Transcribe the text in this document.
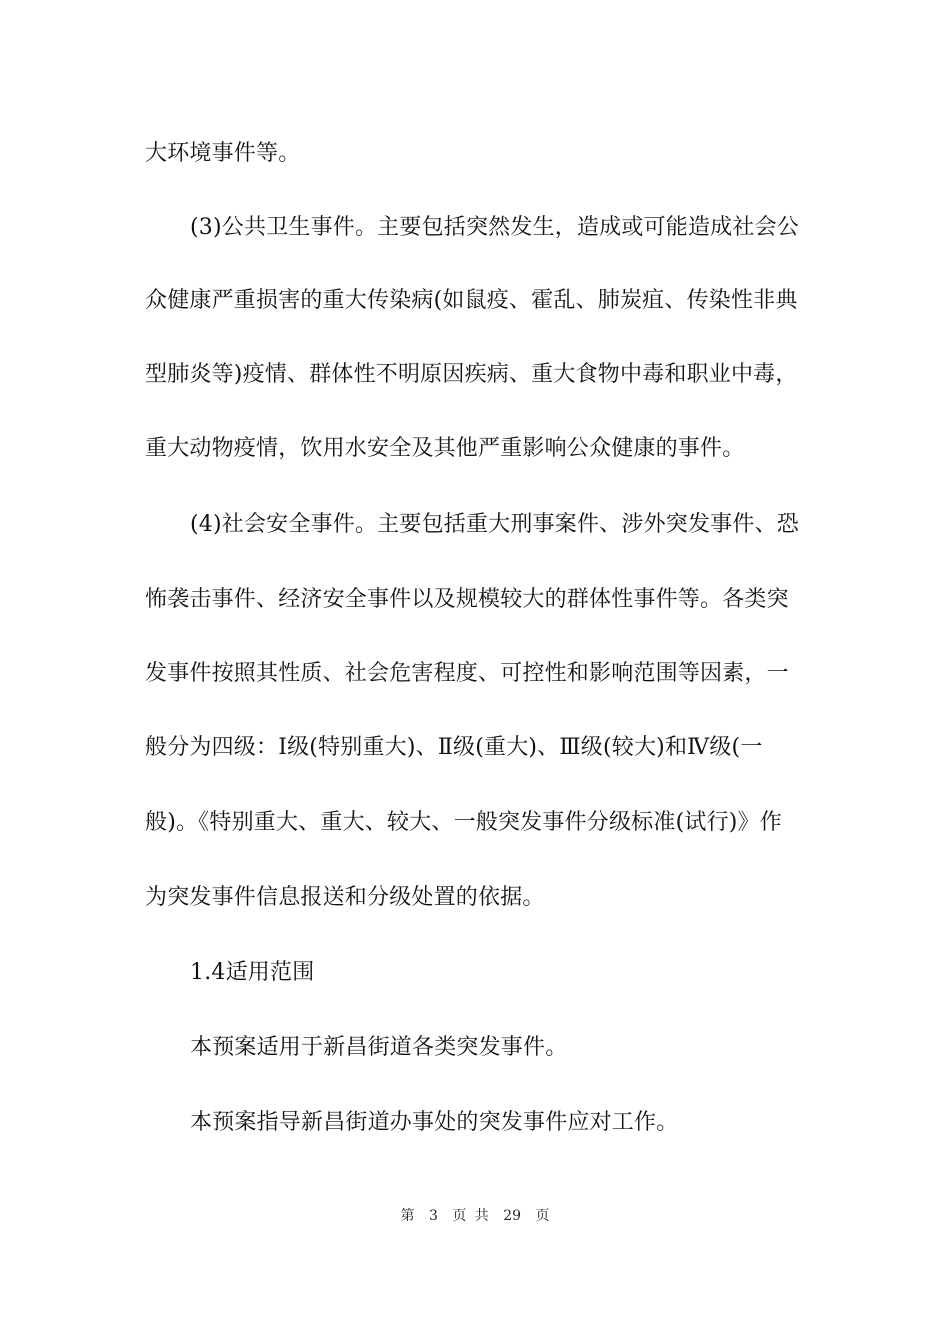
大环境事件等。
(3)公共卫生事件。主要包括突然发生，造成或可能造成社会公
众健康严重损害的重大传染病(如鼠疫、霍乱、肺炭疽、传染性非典
型肺炎等)疫情、群体性不明原因疾病、重大食物中毒和职业中毒，
重大动物疫情，饮用水安全及其他严重影响公众健康的事件。
(4)社会安全事件。主要包括重大刑事案件、涉外突发事件、恐
怖袭击事件、经济安全事件以及规模较大的群体性事件等。各类突
发事件按照其性质、社会危害程度、可控性和影响范围等因素，一
般分为四级：Ⅰ级(特别重大)、Ⅱ级(重大)、Ⅲ级(较大)和Ⅳ级(一
般)。《特别重大、重大、较大、一般突发事件分级标准(试行)》作
为突发事件信息报送和分级处置的依据。
1.4适用范围
本预案适用于新昌街道各类突发事件。
本预案指导新昌街道办事处的突发事件应对工作。
第 3 页 共 29 页
